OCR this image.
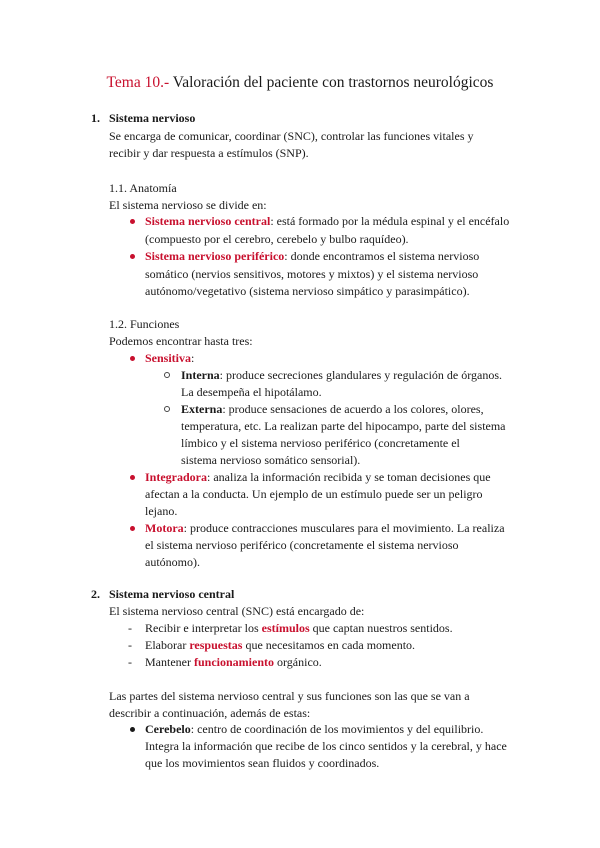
Tema 10.- Valoración del paciente con trastornos neurológicos
1. Sistema nervioso
Se encarga de comunicar, coordinar (SNC), controlar las funciones vitales y
recibir y dar respuesta a estímulos (SNP).
1.1. Anatomía
El sistema nervioso se divide en:
Sistema nervioso central: está formado por la médula espinal y el encéfalo
(compuesto por el cerebro, cerebelo y bulbo raquídeo).
Sistema nervioso periférico: donde encontramos el sistema nervioso
somático (nervios sensitivos, motores y mixtos) y el sistema nervioso
autónomo/vegetativo (sistema nervioso simpático y parasimpático).
1.2. Funciones
Podemos encontrar hasta tres:
Sensitiva:
Interna: produce secreciones glandulares y regulación de órganos.
La desempeña el hipotálamo.
Externa: produce sensaciones de acuerdo a los colores, olores,
temperatura, etc. La realizan parte del hipocampo, parte del sistema
límbico y el sistema nervioso periférico (concretamente el
sistema nervioso somático sensorial).
Integradora: analiza la información recibida y se toman decisiones que
afectan a la conducta. Un ejemplo de un estímulo puede ser un peligro
lejano.
Motora: produce contracciones musculares para el movimiento. La realiza
el sistema nervioso periférico (concretamente el sistema nervioso
autónomo).
2. Sistema nervioso central
El sistema nervioso central (SNC) está encargado de:
- Recibir e interpretar los estímulos que captan nuestros sentidos.
- Elaborar respuestas que necesitamos en cada momento.
- Mantener funcionamiento orgánico.
Las partes del sistema nervioso central y sus funciones son las que se van a
describir a continuación, además de estas:
Cerebelo: centro de coordinación de los movimientos y del equilibrio.
Integra la información que recibe de los cinco sentidos y la cerebral, y hace
que los movimientos sean fluidos y coordinados.
